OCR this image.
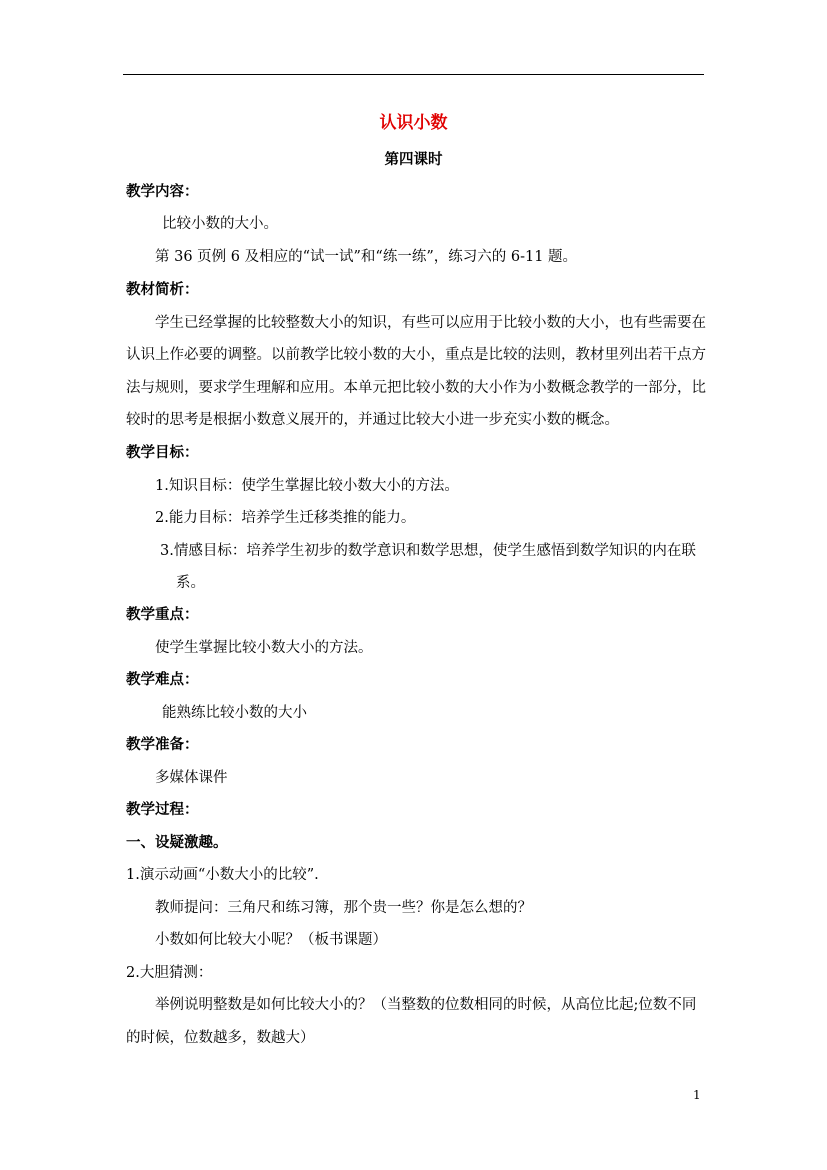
认识小数
第四课时
教学内容：
比较小数的大小。
第 36 页例 6 及相应的“试一试”和“练一练”，练习六的 6-11 题。
教材简析：
学生已经掌握的比较整数大小的知识，有些可以应用于比较小数的大小，也有些需要在
认识上作必要的调整。以前教学比较小数的大小，重点是比较的法则，教材里列出若干点方
法与规则，要求学生理解和应用。本单元把比较小数的大小作为小数概念教学的一部分，比
较时的思考是根据小数意义展开的，并通过比较大小进一步充实小数的概念。
教学目标：
1.知识目标：使学生掌握比较小数大小的方法。
2.能力目标：培养学生迁移类推的能力。
3.情感目标：培养学生初步的数学意识和数学思想，使学生感悟到数学知识的内在联
系。
教学重点：
使学生掌握比较小数大小的方法。
教学难点：
能熟练比较小数的大小
教学准备：
多媒体课件
教学过程：
一、设疑激趣。
1.演示动画“小数大小的比较”.
教师提问：三角尺和练习簿，那个贵一些？你是怎么想的？
小数如何比较大小呢？（板书课题）
2.大胆猜测：
举例说明整数是如何比较大小的？（当整数的位数相同的时候，从高位比起;位数不同
的时候，位数越多，数越大）
1
